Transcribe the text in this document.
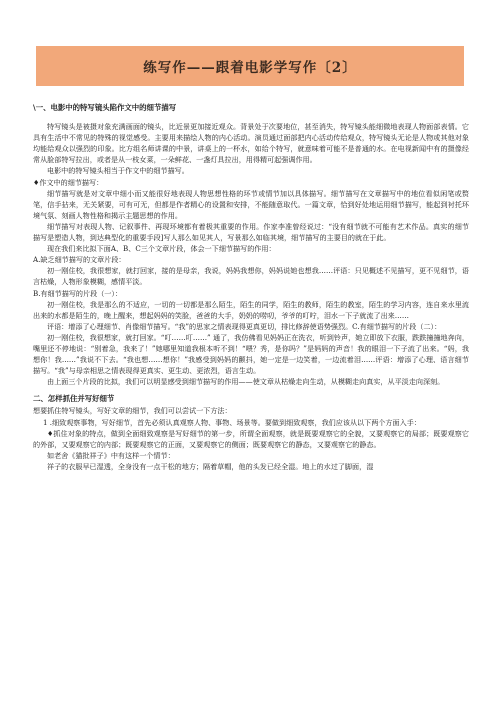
练写作——跟着电影学写作〔2〕
\一、电影中的特写镜头陷作文中的细节描写

特写镜头是被摄对象充满画面的镜头，比近景更加接近观众。背景处于次要地位，甚至消失，特写镜头能细微地表现人物面部表情。它具有生活中不常见的特殊的视觉感受。主要用来描绘人物的内心活动。演员通过面部把内心活动传给观众，特写镜头无论是人物或其他对象均能给观众以强烈的印象。比方组名师讲课的中景，讲桌上的一杯水，如给个特写，就意味着可能不是普通的水。在电视新闻中有的摄像经常从脸部特写拉出，或者是从一枝女菜，一朵鲜花、一盏灯具拉出，用得精可起强调作用。

电影中的特写镜头相当于作文中的细节描写。

♦作文中的细节描写：

细节描写就是对文章中细小而又能很好地表现人物思想性格的环节或情节加以具体描写。细节描写在文章描写中的地位看似闲笔或赘笔，信手拈来，无关紧要，可有可无，但都是作者精心的设置和安排，不能随意取代。一篇文章，恰到好处地运用细节描写，能起到衬托环境气氛、刻画人物性格和揭示主题思想的作用。

细节描写对表现人物、记叙事件、再现环境都有着极其重要的作用。作家李准曾经说过：“没有细节就不可能有艺术作品。真实的细节描写是塑造人物，到达典型化的重要手段]写人那么如见其人，写景那么如临其境，细节描写的主要目的就在于此。

现在我们来比拟下面A、B、C三个文章片段，体会一下细节描写的作用：

A.缺乏细节描写的文章片段：

初一刚住校，我很想家，就打回家，接的是母亲，我说，妈妈我想你，妈妈说她也想我……评语：只见概述不见描写，更不见细节，语言枯燥，人物形象模糊，感情平淡。

B.有细节描写的片段（一）：

初一刚住校，我是那么的不适应，一切的一切都是那么陌生，陌生的同学，陌生的教师，陌生的教室，陌生的学习内容，连自来水里流出来的水都是陌生的，晚上醒来，想起妈妈的笑脸，爸爸的大手，奶奶的唠叨，爷爷的叮咛，泪水一下子就流了出来……

评语：增添了心理细节、肖像细节描写。“我”的思家之情表现得更真更切，排比修辞使语势强烈。C.有细节描写的片段（二）：

初一刚住校，我很想家，就打回家。“叮……叮……” 通了，我仿佛看见妈妈正在洗衣，听到铃声，她立即放下衣服，跌跌撞撞地奔向，嘴里还不停地说：“别着急，我来了！”她哪里知道我根本听不到！“喂？秀，是你吗？”是妈妈的声音！我的眼泪一下子流了出来。“妈，我想你！我……”我说不下去。“我也想……想你！”我感受到妈妈的颤抖，她一定是一边笑着，一边流着泪……评语：增添了心理、语言细节描写。“我”与母亲相思之情表现得更真实、更生动、更浓烈，语言生动。

由上面三个片段的比拟，我们可以明显感受到细节描写的作用——使文章从枯燥走向生动，从模糊走向真实，从平淡走向深刻。

二、怎样抓住并写好细节

想要抓住特写镜头，写好文章的细节，我们可以尝试一下方法：

1 .细致观察事物，写好细节，首先必须认真观察人物、事物、场景等。要做到细致观察，我们应该从以下两个方面入手：

♦抓住对象的特点，做到全面细致观察是写好细节的第一步，所谓全面观察，就是既要观察它的全貌，又要观察它的局部；既要观察它的外部，又要观察它的内部；既要观察它的正面，又要观察它的侧面；既要观察它的静态，又要观察它的静态。

如老舍《猫批祥子》中有这样一个情节：

祥子的衣服早已湿透，全身没有一点干松的地方；隔着草帽，他的头发已经全湿。地上的水过了脚面，湿
